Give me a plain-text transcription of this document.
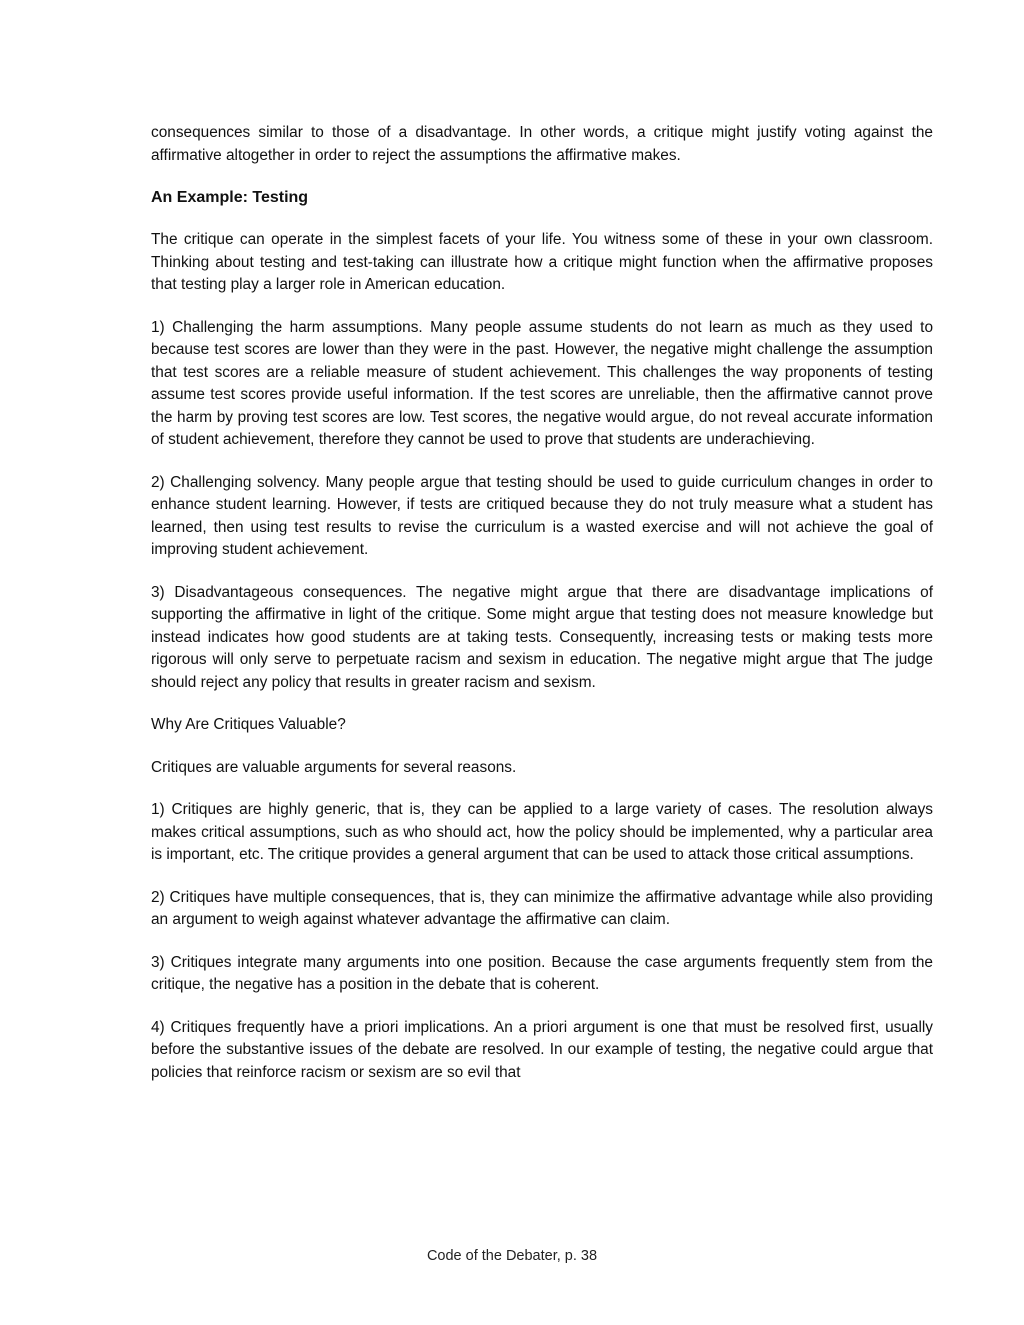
consequences similar to those of a disadvantage. In other words, a critique might justify voting against the affirmative altogether in order to reject the assumptions the affirmative makes.

An Example: Testing

The critique can operate in the simplest facets of your life. You witness some of these in your own classroom. Thinking about testing and test-taking can illustrate how a critique might function when the affirmative proposes that testing play a larger role in American education.

1) Challenging the harm assumptions. Many people assume students do not learn as much as they used to because test scores are lower than they were in the past. However, the negative might challenge the assumption that test scores are a reliable measure of student achievement. This challenges the way proponents of testing assume test scores provide useful information. If the test scores are unreliable, then the affirmative cannot prove the harm by proving test scores are low. Test scores, the negative would argue, do not reveal accurate information of student achievement, therefore they cannot be used to prove that students are underachieving.

2) Challenging solvency. Many people argue that testing should be used to guide curriculum changes in order to enhance student learning. However, if tests are critiqued because they do not truly measure what a student has learned, then using test results to revise the curriculum is a wasted exercise and will not achieve the goal of improving student achievement.

3) Disadvantageous consequences. The negative might argue that there are disadvantage implications of supporting the affirmative in light of the critique. Some might argue that testing does not measure knowledge but instead indicates how good students are at taking tests. Consequently, increasing tests or making tests more rigorous will only serve to perpetuate racism and sexism in education. The negative might argue that The judge should reject any policy that results in greater racism and sexism.

Why Are Critiques Valuable?

Critiques are valuable arguments for several reasons.

1) Critiques are highly generic, that is, they can be applied to a large variety of cases. The resolution always makes critical assumptions, such as who should act, how the policy should be implemented, why a particular area is important, etc. The critique provides a general argument that can be used to attack those critical assumptions.

2) Critiques have multiple consequences, that is, they can minimize the affirmative advantage while also providing an argument to weigh against whatever advantage the affirmative can claim.

3) Critiques integrate many arguments into one position. Because the case arguments frequently stem from the critique, the negative has a position in the debate that is coherent.

4) Critiques frequently have a priori implications. An a priori argument is one that must be resolved first, usually before the substantive issues of the debate are resolved. In our example of testing, the negative could argue that policies that reinforce racism or sexism are so evil that

Code of the Debater, p. 38
